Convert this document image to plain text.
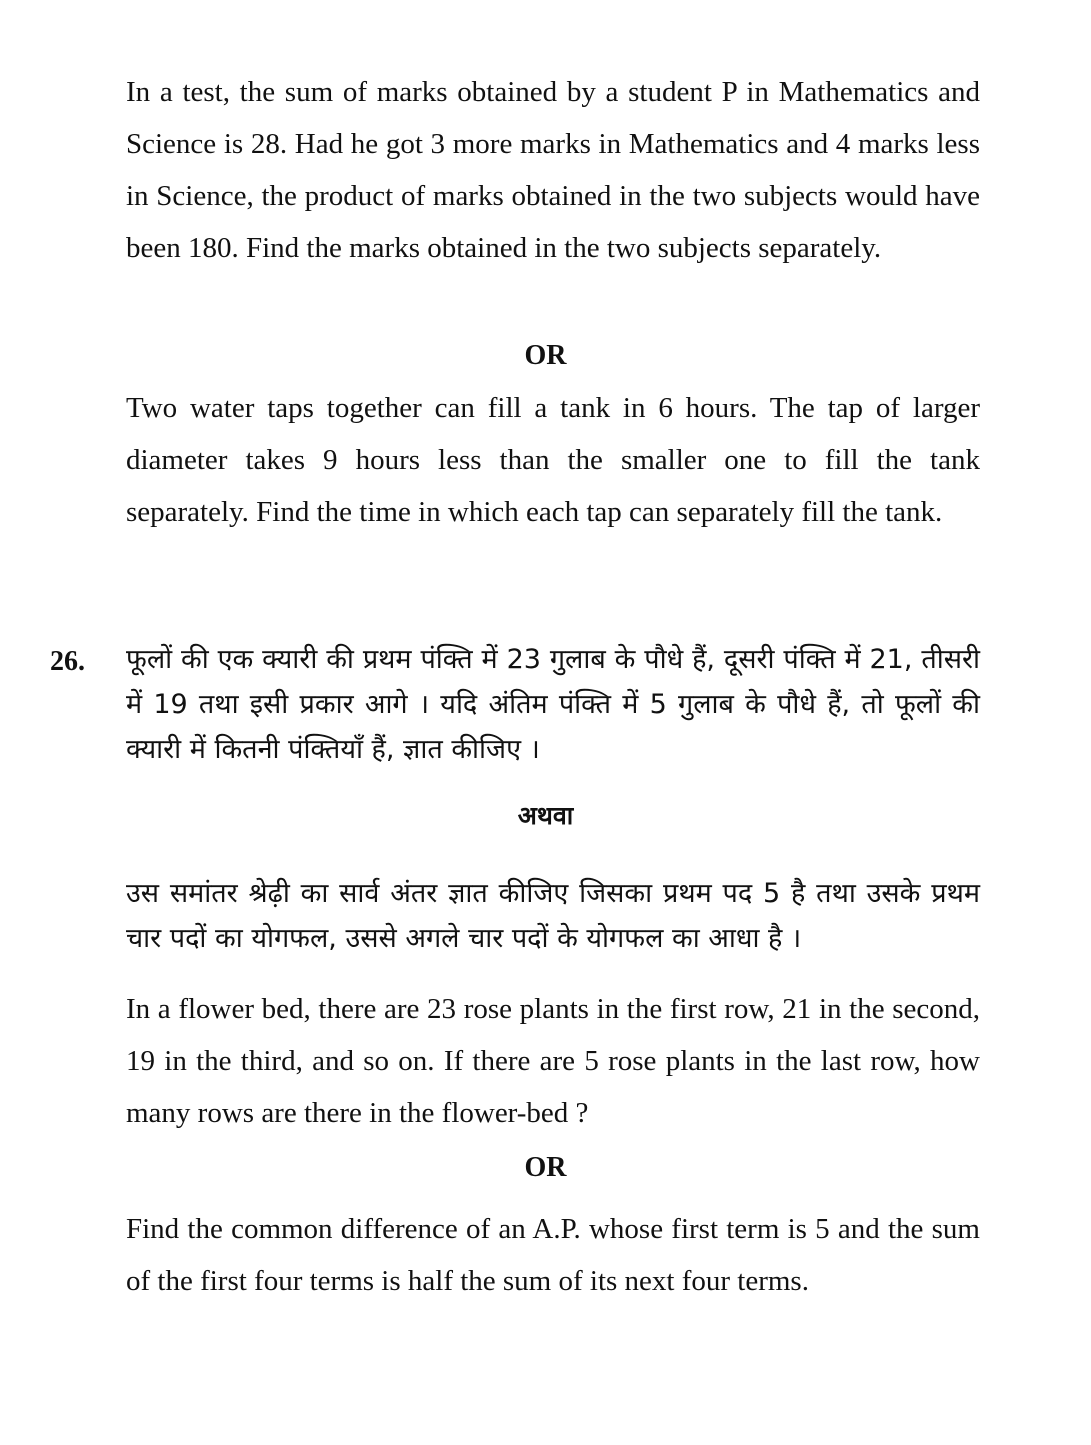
In a test, the sum of marks obtained by a student P in Mathematics and Science is 28. Had he got 3 more marks in Mathematics and 4 marks less in Science, the product of marks obtained in the two subjects would have been 180. Find the marks obtained in the two subjects separately.

OR

Two water taps together can fill a tank in 6 hours. The tap of larger diameter takes 9 hours less than the smaller one to fill the tank separately. Find the time in which each tap can separately fill the tank.

26. फूलों की एक क्यारी की प्रथम पंक्ति में 23 गुलाब के पौधे हैं, दूसरी पंक्ति में 21, तीसरी में 19 तथा इसी प्रकार आगे । यदि अंतिम पंक्ति में 5 गुलाब के पौधे हैं, तो फूलों की क्यारी में कितनी पंक्तियाँ हैं, ज्ञात कीजिए ।

अथवा

उस समांतर श्रेढ़ी का सार्व अंतर ज्ञात कीजिए जिसका प्रथम पद 5 है तथा उसके प्रथम चार पदों का योगफल, उससे अगले चार पदों के योगफल का आधा है ।

In a flower bed, there are 23 rose plants in the first row, 21 in the second, 19 in the third, and so on. If there are 5 rose plants in the last row, how many rows are there in the flower-bed ?

OR

Find the common difference of an A.P. whose first term is 5 and the sum of the first four terms is half the sum of its next four terms.
